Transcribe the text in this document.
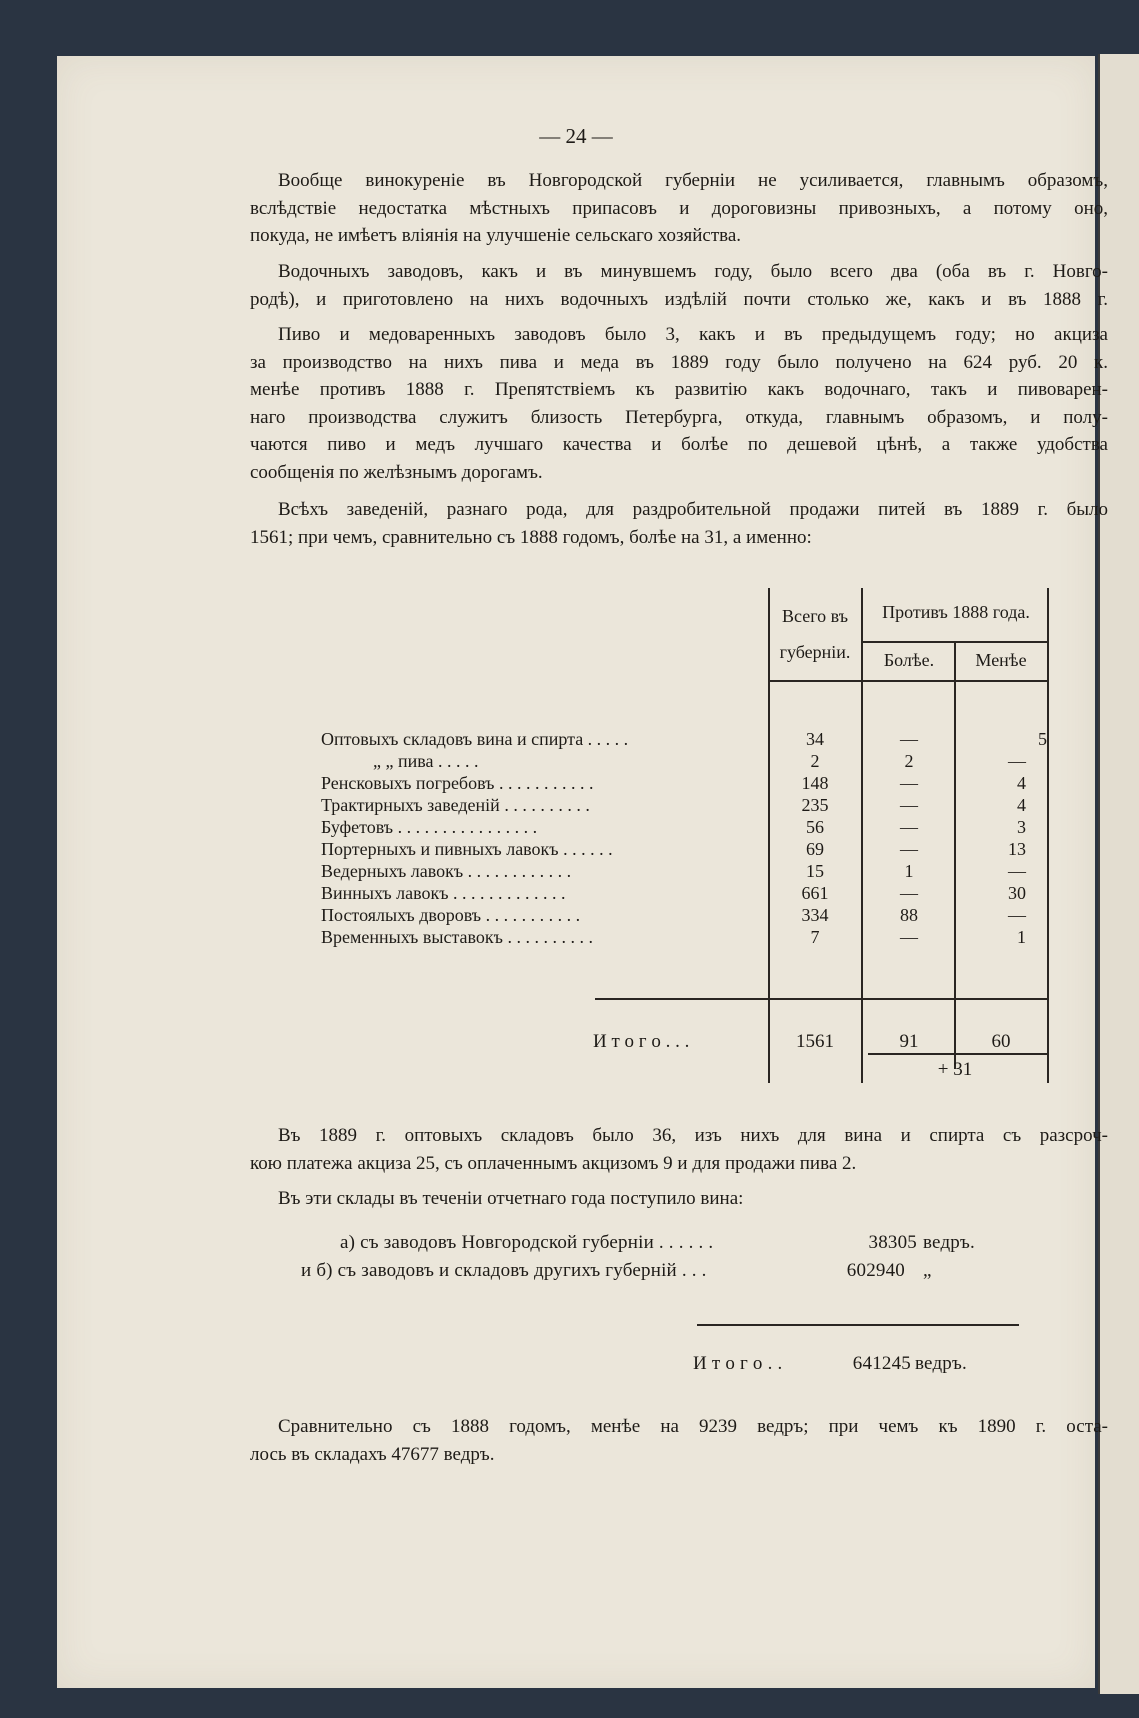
— 24 —
Вообще винокуреніе въ Новгородской губерніи не усиливается, главнымъ образомъ,
вслѣдствіе недостатка мѣстныхъ припасовъ и дороговизны привозныхъ, а потому оно,
покуда, не имѣетъ вліянія на улучшеніе сельскаго хозяйства.
Водочныхъ заводовъ, какъ и въ минувшемъ году, было всего два (оба въ г. Новго-
родѣ), и приготовлено на нихъ водочныхъ издѣлій почти столько же, какъ и въ 1888 г.
Пиво и медоваренныхъ заводовъ было 3, какъ и въ предыдущемъ году; но акциза
за производство на нихъ пива и меда въ 1889 году было получено на 624 руб. 20 к.
менѣе противъ 1888 г. Препятствіемъ къ развитію какъ водочнаго, такъ и пивоварен-
наго производства служитъ близость Петербурга, откуда, главнымъ образомъ, и полу-
чаются пиво и медъ лучшаго качества и болѣе по дешевой цѣнѣ, а также удобства
сообщенія по желѣзнымъ дорогамъ.
Всѣхъ заведеній, разнаго рода, для раздробительной продажи питей въ 1889 г. было
1561; при чемъ, сравнительно съ 1888 годомъ, болѣе на 31, а именно:
Всего въ
губерніи.
Противъ 1888 года.
Болѣе.	Менѣе
Оптовыхъ складовъ вина и спирта . . . . .	34	—	5
„ „ пива . . . . .	2	2	—
Ренсковыхъ погребовъ . . . . . . . . . . .	148	—	4
Трактирныхъ заведеній . . . . . . . . . .	235	—	4
Буфетовъ . . . . . . . . . . . . . . . .	56	—	3
Портерныхъ и пивныхъ лавокъ . . . . . .	69	—	13
Ведерныхъ лавокъ . . . . . . . . . . . .	15	1	—
Винныхъ лавокъ . . . . . . . . . . . . .	661	—	30
Постоялыхъ дворовъ . . . . . . . . . . .	334	88	—
Временныхъ выставокъ . . . . . . . . . .	7	—	1
И т о г о . . .	1561	91	60
+ 31
Въ 1889 г. оптовыхъ складовъ было 36, изъ нихъ для вина и спирта съ разсроч-
кою платежа акциза 25, съ оплаченнымъ акцизомъ 9 и для продажи пива 2.
Въ эти склады въ теченіи отчетнаго года поступило вина:
а) съ заводовъ Новгородской губерніи . . . . . .	38305 ведръ.
и б) съ заводовъ и складовъ другихъ губерній . . .	602940 „
И т о г о . .	641245 ведръ.
Сравнительно съ 1888 годомъ, менѣе на 9239 ведръ; при чемъ къ 1890 г. оста-
лось въ складахъ 47677 ведръ.
